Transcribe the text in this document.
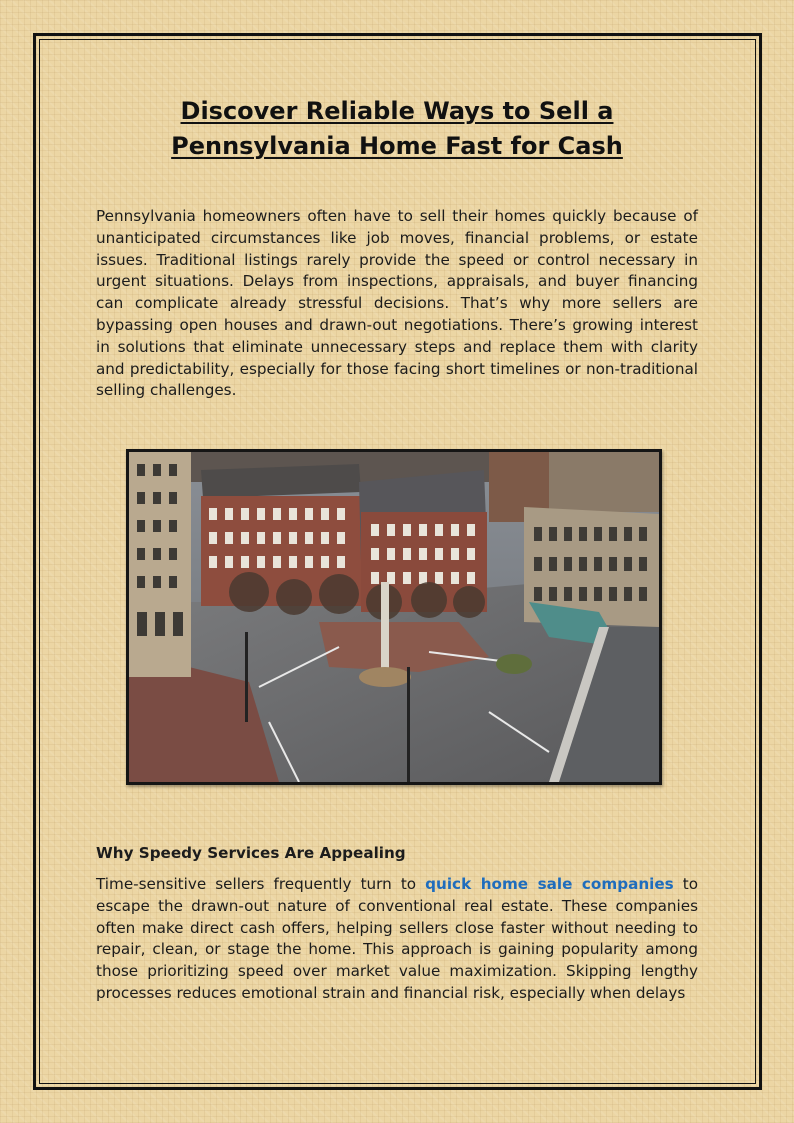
Discover Reliable Ways to Sell a
Pennsylvania Home Fast for Cash

Pennsylvania homeowners often have to sell their homes quickly because of unanticipated circumstances like job moves, financial problems, or estate issues. Traditional listings rarely provide the speed or control necessary in urgent situations. Delays from inspections, appraisals, and buyer financing can complicate already stressful decisions. That’s why more sellers are bypassing open houses and drawn-out negotiations. There’s growing interest in solutions that eliminate unnecessary steps and replace them with clarity and predictability, especially for those facing short timelines or non-traditional selling challenges.

Why Speedy Services Are Appealing

Time-sensitive sellers frequently turn to quick home sale companies to escape the drawn-out nature of conventional real estate. These companies often make direct cash offers, helping sellers close faster without needing to repair, clean, or stage the home. This approach is gaining popularity among those prioritizing speed over market value maximization. Skipping lengthy processes reduces emotional strain and financial risk, especially when delays
